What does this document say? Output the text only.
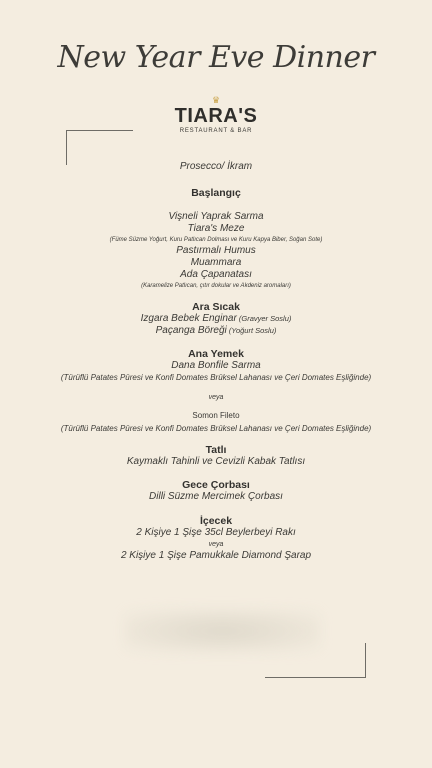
New Year Eve Dinner
♛
TIARA'S
RESTAURANT & BAR
Prosecco/ İkram
Başlangıç
Vişneli Yaprak Sarma
Tiara's Meze
(Füme Süzme Yoğurt, Kuru Patlıcan Dolması ve Kuru Kapya Biber, Soğan Sote)
Pastırmalı Humus
Muammara
Ada Çapanatası
(Karamelize Patlıcan, çıtır dokular ve Akdeniz aromaları)
Ara Sıcak
Izgara Bebek Enginar (Gravyer Soslu)
Paçanga Böreği (Yoğurt Soslu)
Ana Yemek
Dana Bonfile Sarma
(Türüflü Patates Püresi ve Konfi Domates Brüksel Lahanası ve Çeri Domates Eşliğinde)
veya
Somon Fileto
(Türüflü Patates Püresi ve Konfi Domates Brüksel Lahanası ve Çeri Domates Eşliğinde)
Tatlı
Kaymaklı Tahinli ve Cevizli Kabak Tatlısı
Gece Çorbası
Dilli Süzme Mercimek Çorbası
İçecek
2 Kişiye 1 Şişe 35cl Beylerbeyi Rakı
veya
2 Kişiye 1 Şişe Pamukkale Diamond Şarap
